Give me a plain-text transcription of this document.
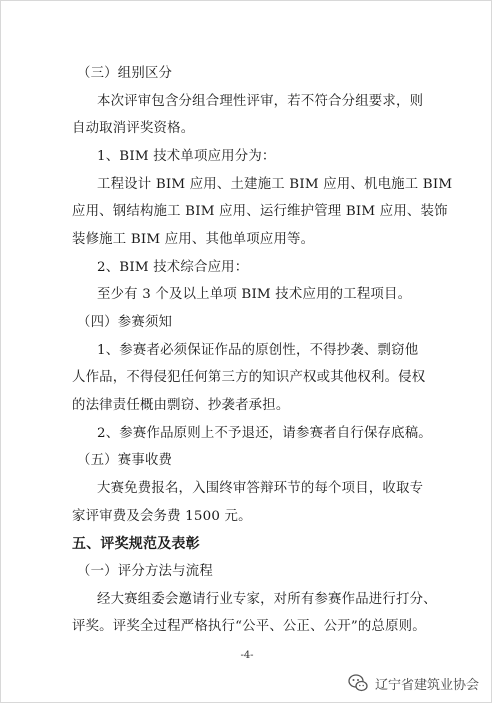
（三）组别区分
本次评审包含分组合理性评审，若不符合分组要求，则
自动取消评奖资格。
1、BIM 技术单项应用分为：
工程设计 BIM 应用、土建施工 BIM 应用、机电施工 BIM
应用、钢结构施工 BIM 应用、运行维护管理 BIM 应用、装饰
装修施工 BIM 应用、其他单项应用等。
2、BIM 技术综合应用：
至少有 3 个及以上单项 BIM 技术应用的工程项目。
（四）参赛须知
1、参赛者必须保证作品的原创性，不得抄袭、剽窃他
人作品，不得侵犯任何第三方的知识产权或其他权利。侵权
的法律责任概由剽窃、抄袭者承担。
2、参赛作品原则上不予退还，请参赛者自行保存底稿。
（五）赛事收费
大赛免费报名，入围终审答辩环节的每个项目，收取专
家评审费及会务费 1500 元。
五、评奖规范及表彰
（一）评分方法与流程
经大赛组委会邀请行业专家，对所有参赛作品进行打分、
评奖。评奖全过程严格执行“公平、公正、公开”的总原则。
-4-
辽宁省建筑业协会
